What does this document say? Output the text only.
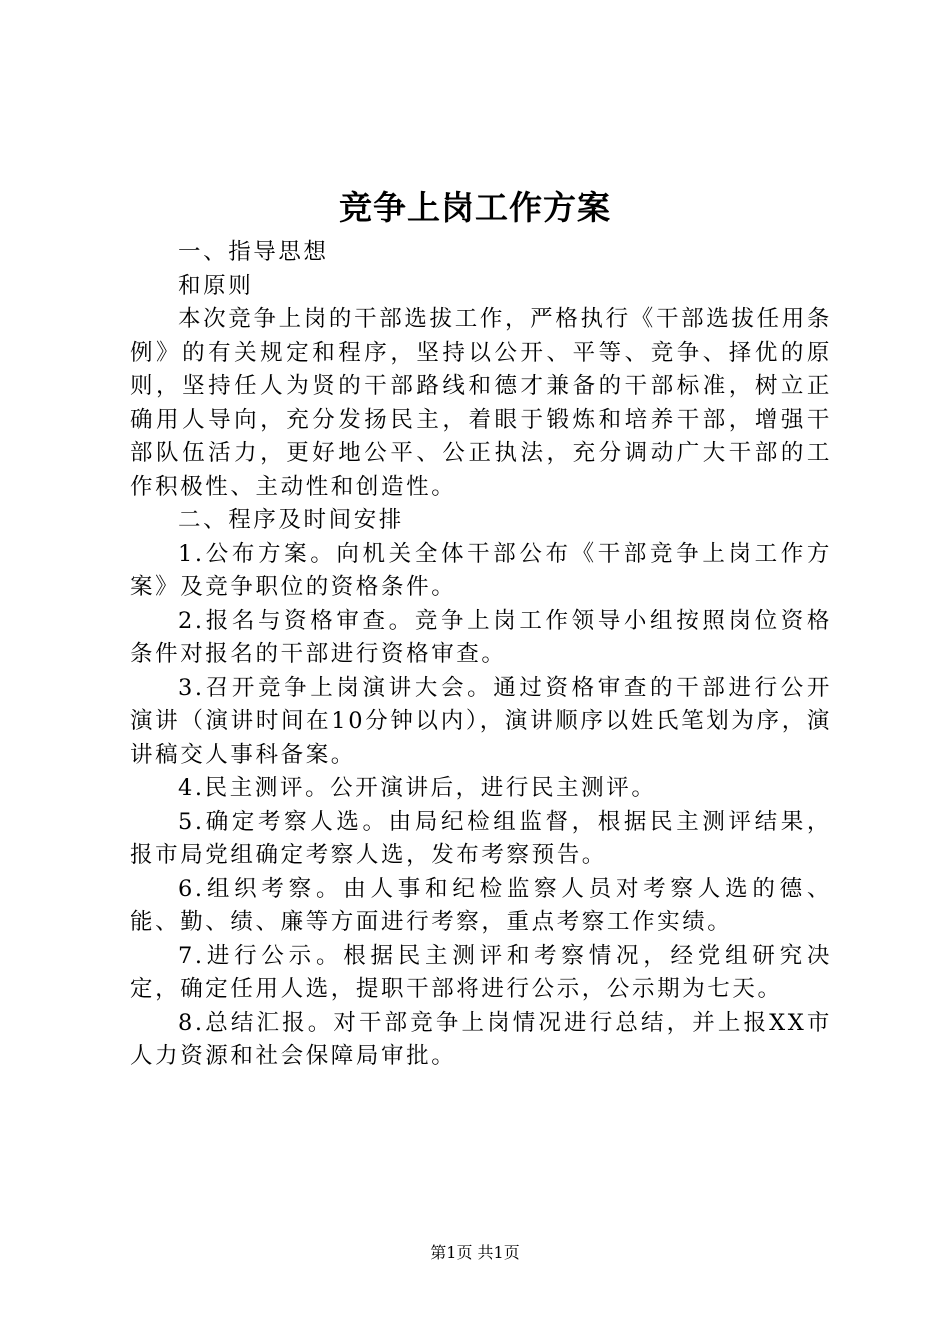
竞争上岗工作方案

一、指导思想

和原则

本次竞争上岗的干部选拔工作，严格执行《干部选拔任用条例》的有关规定和程序，坚持以公开、平等、竞争、择优的原则，坚持任人为贤的干部路线和德才兼备的干部标准，树立正确用人导向，充分发扬民主，着眼于锻炼和培养干部，增强干部队伍活力，更好地公平、公正执法，充分调动广大干部的工作积极性、主动性和创造性。

二、程序及时间安排

1.公布方案。向机关全体干部公布《干部竞争上岗工作方案》及竞争职位的资格条件。

2.报名与资格审查。竞争上岗工作领导小组按照岗位资格条件对报名的干部进行资格审查。

3.召开竞争上岗演讲大会。通过资格审查的干部进行公开演讲（演讲时间在10分钟以内），演讲顺序以姓氏笔划为序，演讲稿交人事科备案。

4.民主测评。公开演讲后，进行民主测评。

5.确定考察人选。由局纪检组监督，根据民主测评结果，报市局党组确定考察人选，发布考察预告。

6.组织考察。由人事和纪检监察人员对考察人选的德、能、勤、绩、廉等方面进行考察，重点考察工作实绩。

7.进行公示。根据民主测评和考察情况，经党组研究决定，确定任用人选，提职干部将进行公示，公示期为七天。

8.总结汇报。对干部竞争上岗情况进行总结，并上报XX市人力资源和社会保障局审批。

第1页 共1页
